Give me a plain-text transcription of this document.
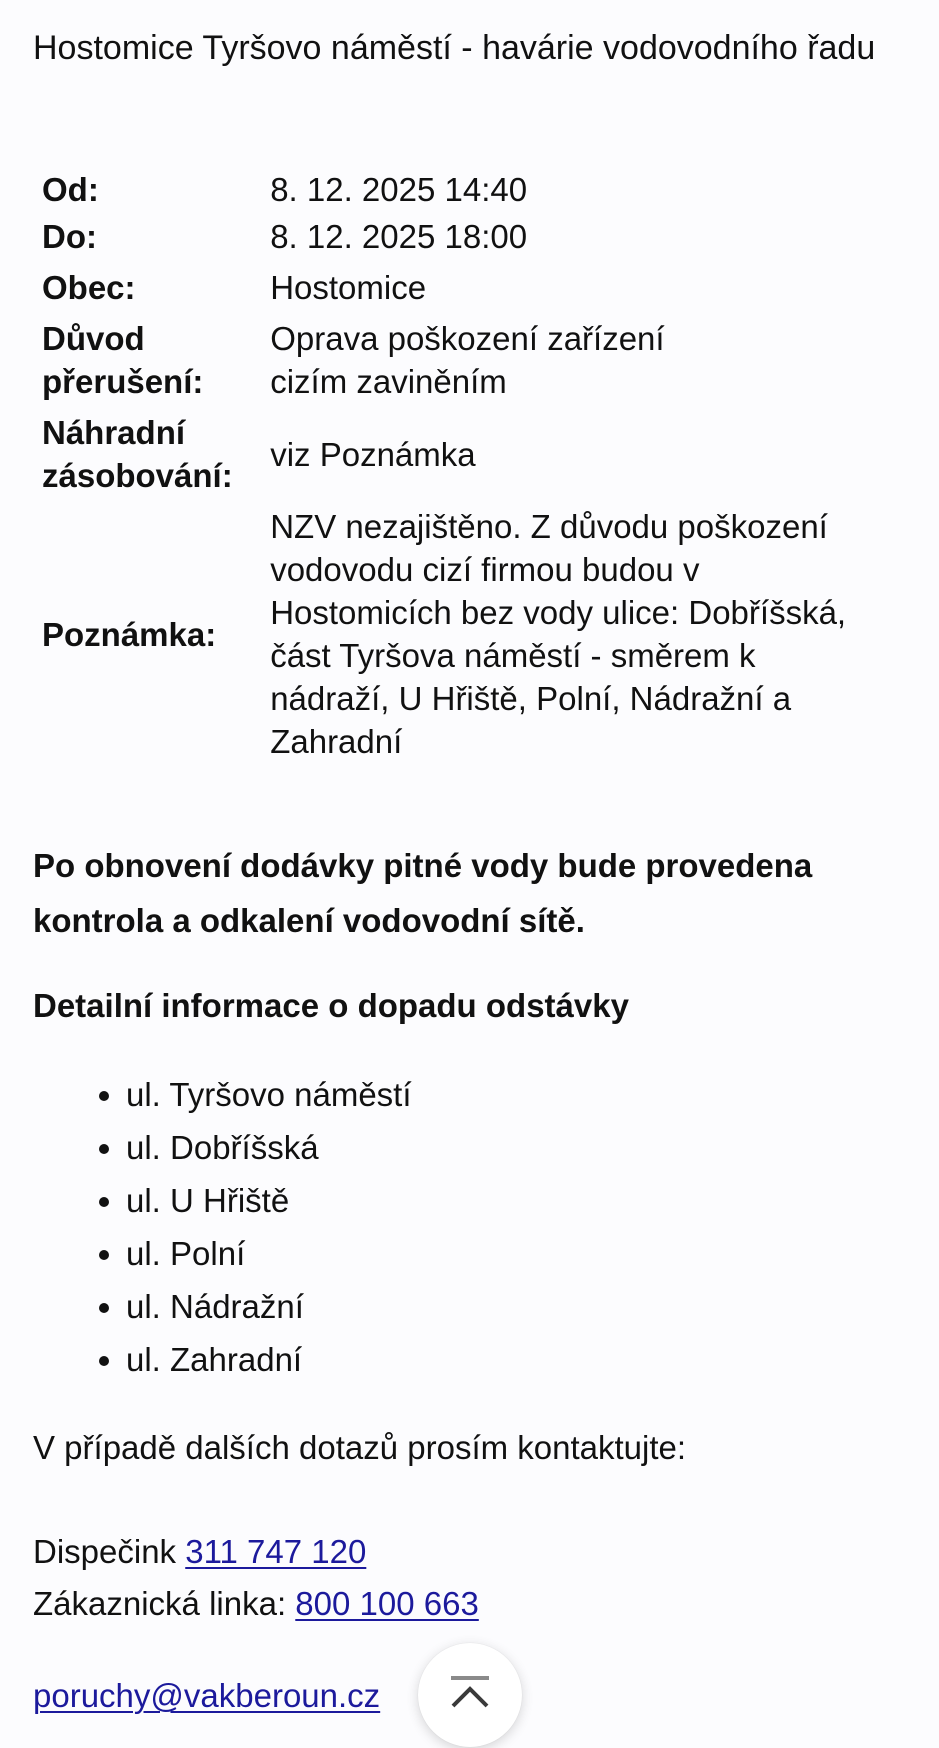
Hostomice Tyršovo náměstí - havárie vodovodního řadu
Od:	8. 12. 2025 14:40
Do:	8. 12. 2025 18:00
Obec:	Hostomice
Důvod
přerušení:	Oprava poškození zařízení cizím zaviněním
Náhradní
zásobování:	viz Poznámka
Poznámka:	NZV nezajištěno. Z důvodu poškození vodovodu cizí firmou budou v Hostomicích bez vody ulice: Dobříšská, část Tyršova náměstí - směrem k nádraží, U Hřiště, Polní, Nádražní a Zahradní

Po obnovení dodávky pitné vody bude provedena kontrola a odkalení vodovodní sítě.

Detailní informace o dopadu odstávky
• ul. Tyršovo náměstí
• ul. Dobříšská
• ul. U Hřiště
• ul. Polní
• ul. Nádražní
• ul. Zahradní

V případě dalších dotazů prosím kontaktujte:

Dispečink 311 747 120

Zákaznická linka: 800 100 663

poruchy@vakberoun.cz
